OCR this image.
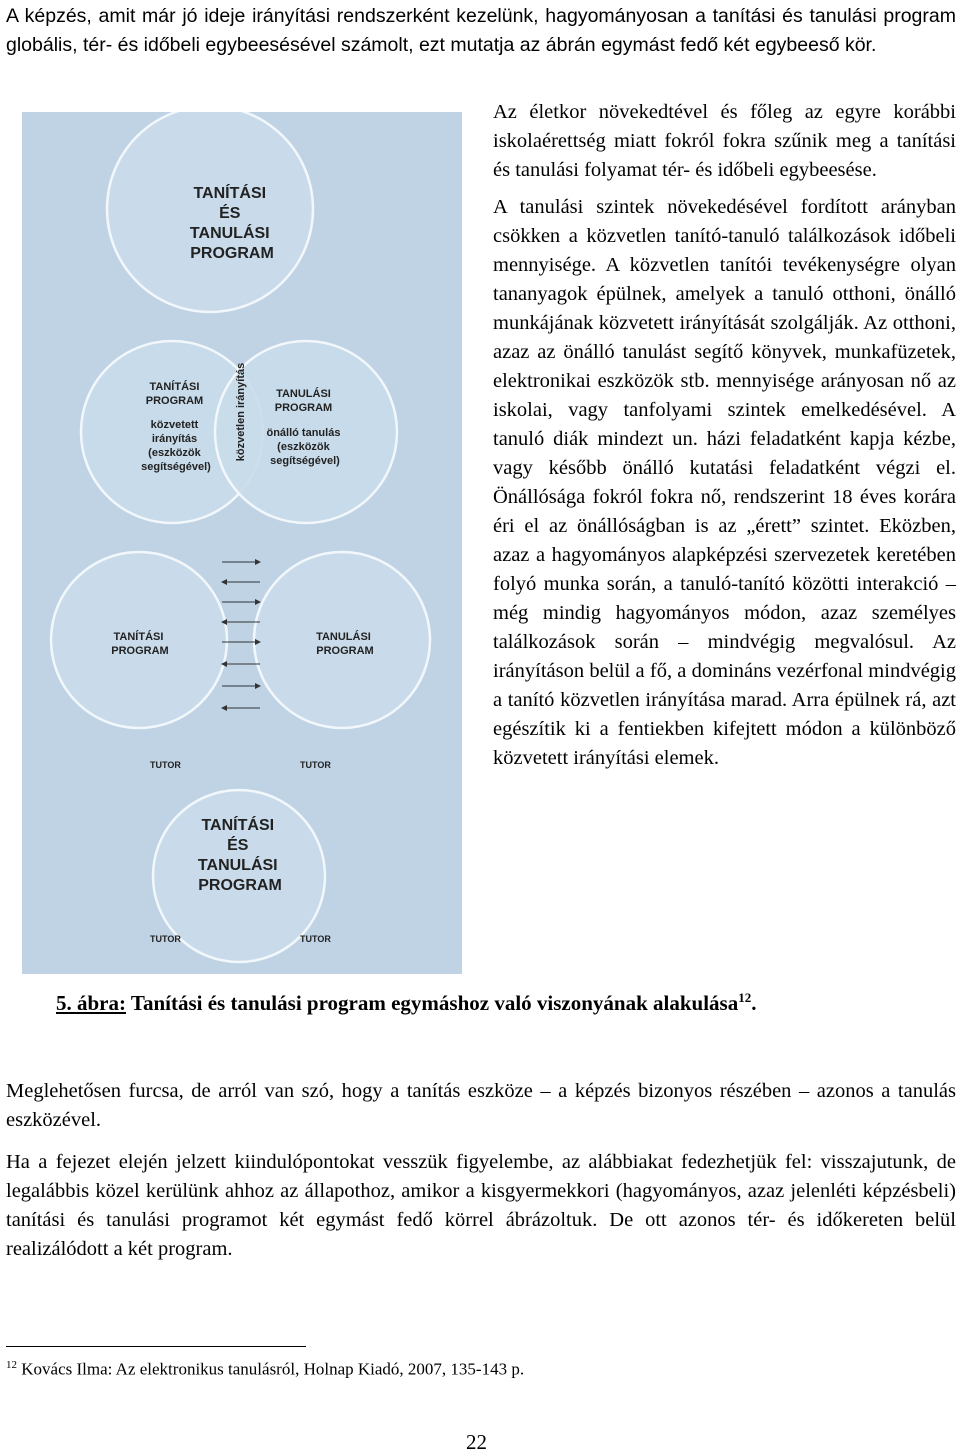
A képzés, amit már jó ideje irányítási rendszerként kezelünk, hagyományosan a tanítási és tanulási program globális, tér- és időbeli egybeesésével számolt, ezt mutatja az ábrán egymást fedő két egybeeső kör.

TANÍTÁSI ÉS TANULÁSI PROGRAM
TANÍTÁSI PROGRAM közvetett irányítás (eszközök segítségével)
közvetlen irányítás	TANULÁSI PROGRAM önálló tanulás (eszközök segítségével)
TANÍTÁSI PROGRAM
TANULÁSI PROGRAM
TUTOR	TUTOR
TANÍTÁSI ÉS TANULÁSI PROGRAM
TUTOR	TUTOR

Az életkor növekedtével és főleg az egyre korábbi iskolaérettség miatt fokról fokra szűnik meg a tanítási és tanulási folyamat tér- és időbeli egybeesése.

A tanulási szintek növekedésével fordított arányban csökken a közvetlen tanító-tanuló találkozások időbeli mennyisége. A közvetlen tanítói tevékenységre olyan tananyagok épülnek, amelyek a tanuló otthoni, önálló munkájának közvetett irányítását szolgálják. Az otthoni, azaz az önálló tanulást segítő könyvek, munkafüzetek, elektronikai eszközök stb. mennyisége arányosan nő az iskolai, vagy tanfolyami szintek emelkedésével. A tanuló diák mindezt un. házi feladatként kapja kézbe, vagy később önálló kutatási feladatként végzi el. Önállósága fokról fokra nő, rendszerint 18 éves korára éri el az önállóságban is az „érett” szintet. Eközben, azaz a hagyományos alapképzési szervezetek keretében folyó munka során, a tanuló-tanító közötti interakció – még mindig hagyományos módon, azaz személyes találkozások során – mindvégig megvalósul. Az irányításon belül a fő, a domináns vezérfonal mindvégig a tanító közvetlen irányítása marad. Arra épülnek rá, azt egészítik ki a fentiekben kifejtett módon a különböző közvetett irányítási elemek.

5. ábra: Tanítási és tanulási program egymáshoz való viszonyának alakulása$^{12}$.

Meglehetősen furcsa, de arról van szó, hogy a tanítás eszköze – a képzés bizonyos részében – azonos a tanulás eszközével.

Ha a fejezet elején jelzett kiindulópontokat vesszük figyelembe, az alábbiakat fedezhetjük fel: visszajutunk, de legalábbis közel kerülünk ahhoz az állapothoz, amikor a kisgyermekkori (hagyományos, azaz jelenléti képzésbeli) tanítási és tanulási programot két egymást fedő körrel ábrázoltuk. De ott azonos tér- és időkereten belül realizálódott a két program.

$^{12}$ Kovács Ilma: Az elektronikus tanulásról, Holnap Kiadó, 2007, 135-143 p.
22
